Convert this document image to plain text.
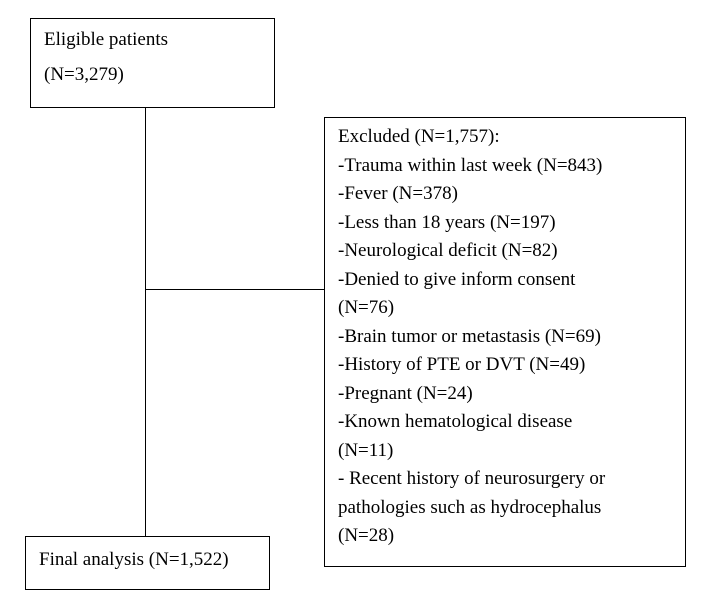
Eligible patients
(N=3,279)
Excluded (N=1,757):
-Trauma within last week (N=843)
-Fever (N=378)
-Less than 18 years (N=197)
-Neurological deficit (N=82)
-Denied to give inform consent
(N=76)
-Brain tumor or metastasis (N=69)
-History of PTE or DVT (N=49)
-Pregnant (N=24)
-Known hematological disease
(N=11)
- Recent history of neurosurgery or
pathologies such as hydrocephalus
(N=28)
Final analysis (N=1,522)
